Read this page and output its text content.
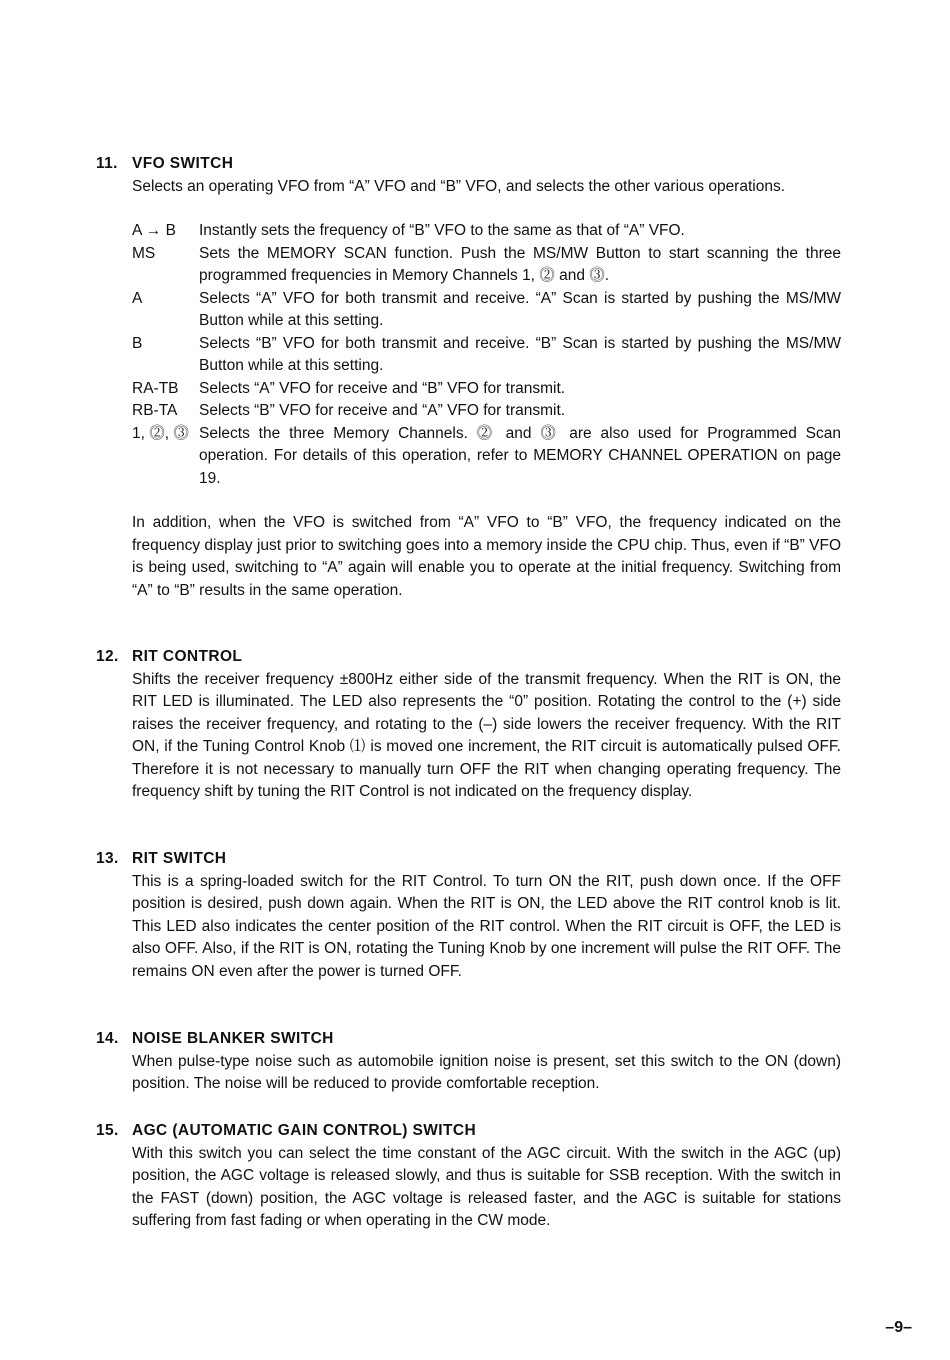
11. VFO SWITCH

Selects an operating VFO from “A” VFO and “B” VFO, and selects the other various operations.

A → B	Instantly sets the frequency of “B” VFO to the same as that of “A” VFO.
MS	Sets the MEMORY SCAN function. Push the MS/MW Button to start scanning the three programmed frequencies in Memory Channels 1, ⓶ and ⓷.
A	Selects “A” VFO for both transmit and receive. “A” Scan is started by pushing the MS/MW Button while at this setting.
B	Selects “B” VFO for both transmit and receive. “B” Scan is started by pushing the MS/MW Button while at this setting.
RA-TB	Selects “A” VFO for receive and “B” VFO for transmit.
RB-TA	Selects “B” VFO for receive and “A” VFO for transmit.
1, ⓶, ⓷ Selects the three Memory Channels. ⓶ and ⓷ are also used for Programmed Scan operation. For details of this operation, refer to MEMORY CHANNEL OPERATION on page 19.

In addition, when the VFO is switched from “A” VFO to “B” VFO, the frequency indicated on the frequency display just prior to switching goes into a memory inside the CPU chip. Thus, even if “B” VFO is being used, switching to “A” again will enable you to operate at the initial frequency. Switching from “A” to “B” results in the same operation.

12. RIT CONTROL

Shifts the receiver frequency ±800Hz either side of the transmit frequency. When the RIT is ON, the RIT LED is illuminated. The LED also represents the “0” position. Rotating the control to the (+) side raises the receiver frequency, and rotating to the (–) side lowers the receiver frequency. With the RIT ON, if the Tuning Control Knob ⑴ is moved one increment, the RIT circuit is automatically pulsed OFF. Therefore it is not necessary to manually turn OFF the RIT when changing operating frequency. The frequency shift by tuning the RIT Control is not indicated on the frequency display.

13. RIT SWITCH

This is a spring-loaded switch for the RIT Control. To turn ON the RIT, push down once. If the OFF position is desired, push down again. When the RIT is ON, the LED above the RIT control knob is lit. This LED also indicates the center position of the RIT control. When the RIT circuit is OFF, the LED is also OFF. Also, if the RIT is ON, rotating the Tuning Knob by one increment will pulse the RIT OFF. The remains ON even after the power is turned OFF.

14. NOISE BLANKER SWITCH

When pulse-type noise such as automobile ignition noise is present, set this switch to the ON (down) position. The noise will be reduced to provide comfortable reception.

15. AGC (AUTOMATIC GAIN CONTROL) SWITCH

With this switch you can select the time constant of the AGC circuit. With the switch in the AGC (up) position, the AGC voltage is released slowly, and thus is suitable for SSB reception. With the switch in the FAST (down) position, the AGC voltage is released faster, and the AGC is suitable for stations suffering from fast fading or when operating in the CW mode.

–9–
